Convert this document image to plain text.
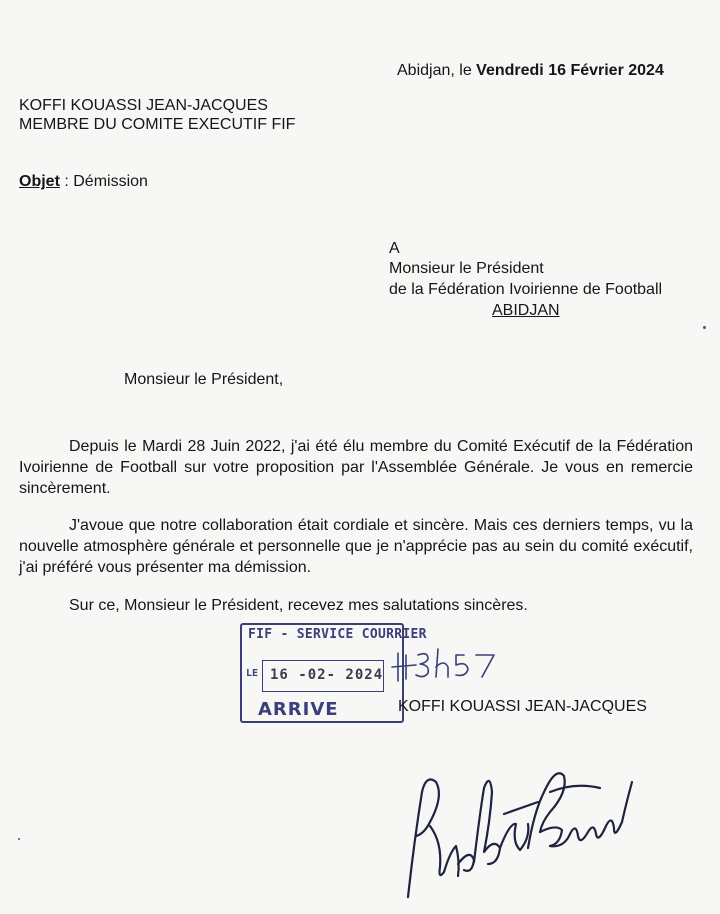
Abidjan, le Vendredi 16 Février 2024
KOFFI KOUASSI JEAN-JACQUES
MEMBRE DU COMITE EXECUTIF FIF
Objet : Démission
A
Monsieur le Président
de la Fédération Ivoirienne de Football
ABIDJAN
Monsieur le Président,
Depuis le Mardi 28 Juin 2022, j'ai été élu membre du Comité Exécutif de la Fédération Ivoirienne de Football sur votre proposition par l'Assemblée Générale. Je vous en remercie sincèrement.
J'avoue que notre collaboration était cordiale et sincère. Mais ces derniers temps, vu la nouvelle atmosphère générale et personnelle que je n'apprécie pas au sein du comité exécutif, j'ai préféré vous présenter ma démission.
Sur ce, Monsieur le Président, recevez mes salutations sincères.
FIF - SERVICE COURRIER
LE 16 -02- 2024
ARRIVE	KOFFI KOUASSI JEAN-JACQUES
